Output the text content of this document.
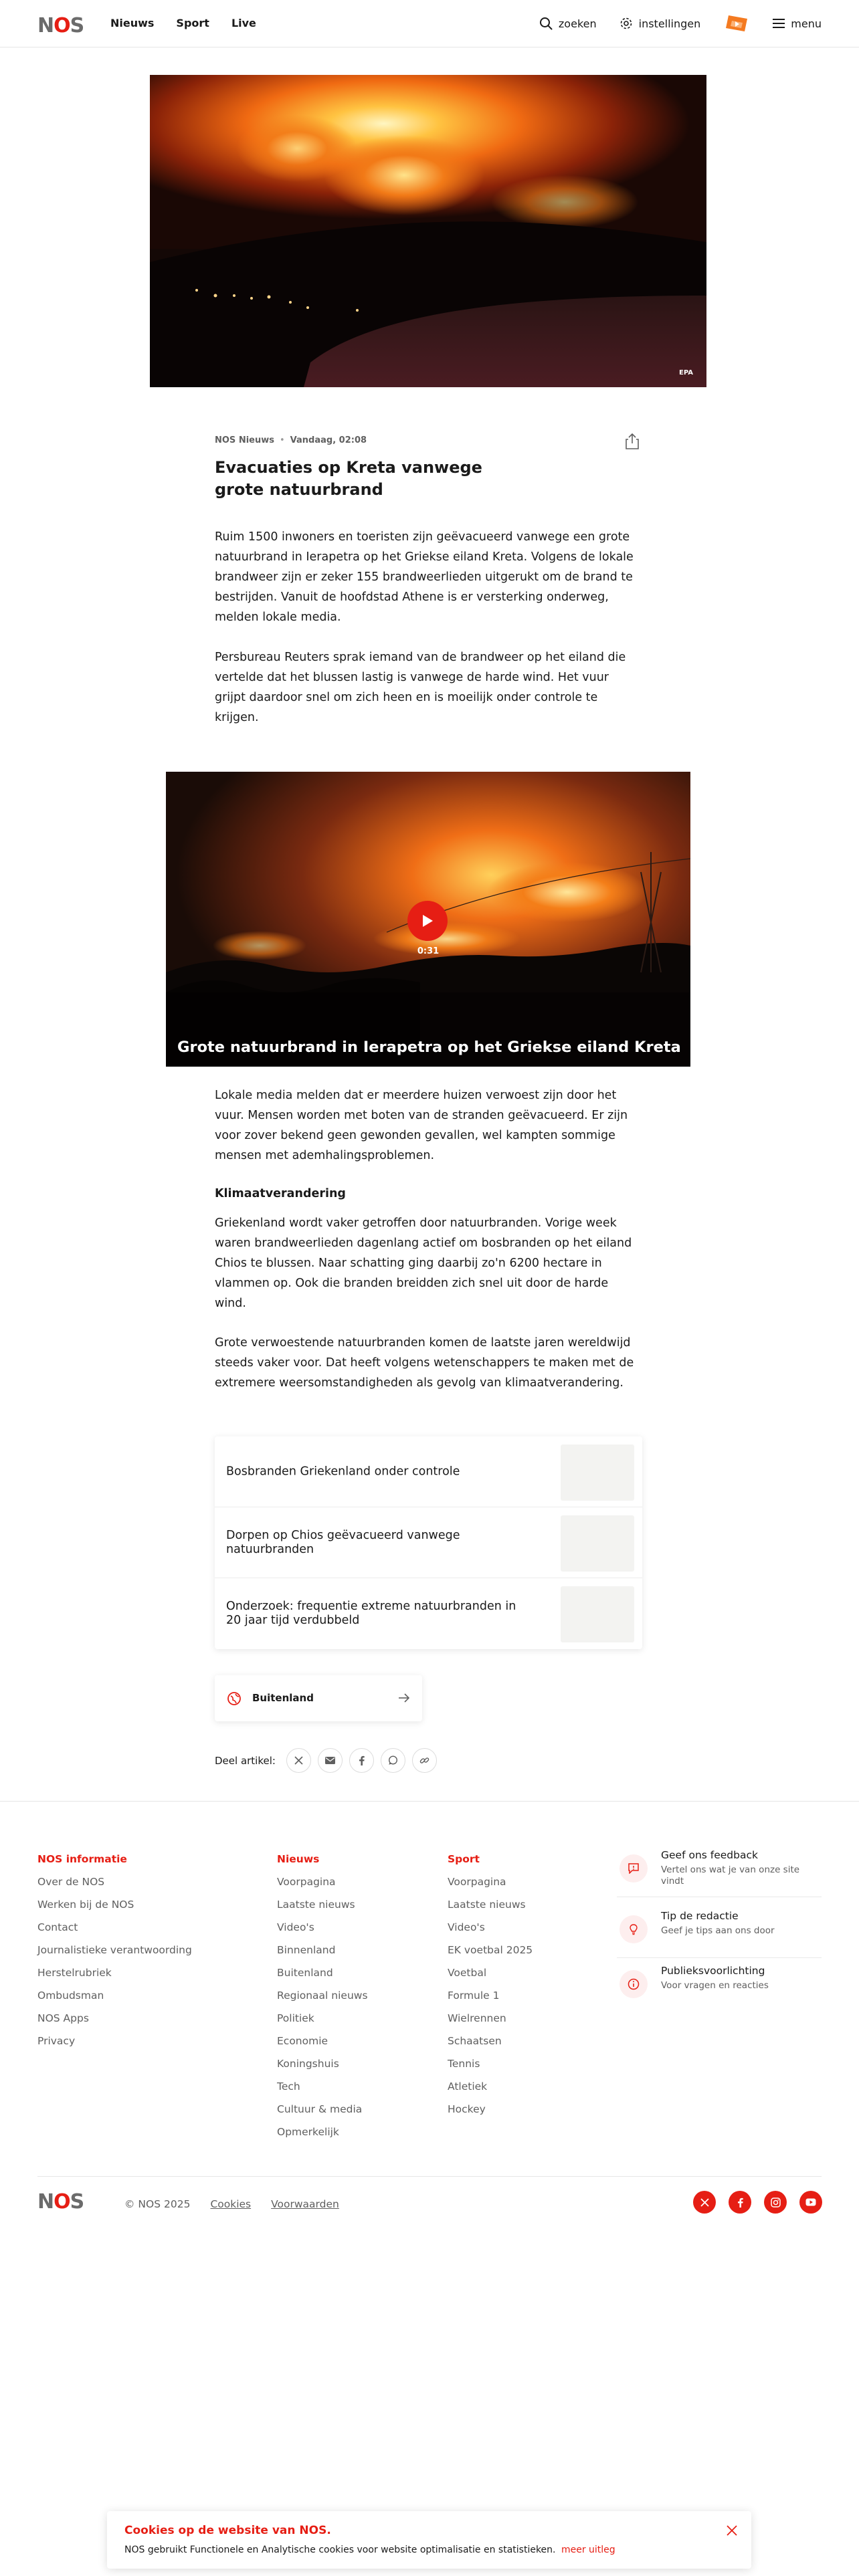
NOS Nieuws Sport Live	zoeken	instellingen	menu
EPA
NOS Nieuws • Vandaag, 02:08
Evacuaties op Kreta vanwege grote natuurbrand

Ruim 1500 inwoners en toeristen zijn geëvacueerd vanwege een grote natuurbrand in Ierapetra op het Griekse eiland Kreta. Volgens de lokale brandweer zijn er zeker 155 brandweerlieden uitgerukt om de brand te bestrijden. Vanuit de hoofdstad Athene is er versterking onderweg, melden lokale media.

Persbureau Reuters sprak iemand van de brandweer op het eiland die vertelde dat het blussen lastig is vanwege de harde wind. Het vuur grijpt daardoor snel om zich heen en is moeilijk onder controle te krijgen.

0:31
Grote natuurbrand in Ierapetra op het Griekse eiland Kreta

Lokale media melden dat er meerdere huizen verwoest zijn door het vuur. Mensen worden met boten van de stranden geëvacueerd. Er zijn voor zover bekend geen gewonden gevallen, wel kampten sommige mensen met ademhalingsproblemen.

Klimaatverandering

Griekenland wordt vaker getroffen door natuurbranden. Vorige week waren brandweerlieden dagenlang actief om bosbranden op het eiland Chios te blussen. Naar schatting ging daarbij zo'n 6200 hectare in vlammen op. Ook die branden breidden zich snel uit door de harde wind.

Grote verwoestende natuurbranden komen de laatste jaren wereldwijd steeds vaker voor. Dat heeft volgens wetenschappers te maken met de extremere weersomstandigheden als gevolg van klimaatverandering.

Bosbranden Griekenland onder controle
Dorpen op Chios geëvacueerd vanwege natuurbranden
Onderzoek: frequentie extreme natuurbranden in 20 jaar tijd verdubbeld
Buitenland
Deel artikel:
NOS informatie
Over de NOS
Werken bij de NOS
Contact
Journalistieke verantwoording
Herstelrubriek
Ombudsman
NOS Apps
Privacy
Nieuws
Voorpagina
Laatste nieuws
Video's
Binnenland
Buitenland
Regionaal nieuws
Politiek
Economie
Koningshuis
Tech
Cultuur & media
Opmerkelijk
Sport
Voorpagina
Laatste nieuws
Video's
EK voetbal 2025
Voetbal
Formule 1
Wielrennen
Schaatsen
Tennis
Atletiek
Hockey
Geef ons feedback
Vertel ons wat je van onze site vindt
Tip de redactie
Geef je tips aan ons door
Publieksvoorlichting
Voor vragen en reacties
NOS	© NOS 2025 Cookies Voorwaarden
Cookies op de website van NOS.
NOS gebruikt Functionele en Analytische cookies voor website optimalisatie en statistieken. meer uitleg
